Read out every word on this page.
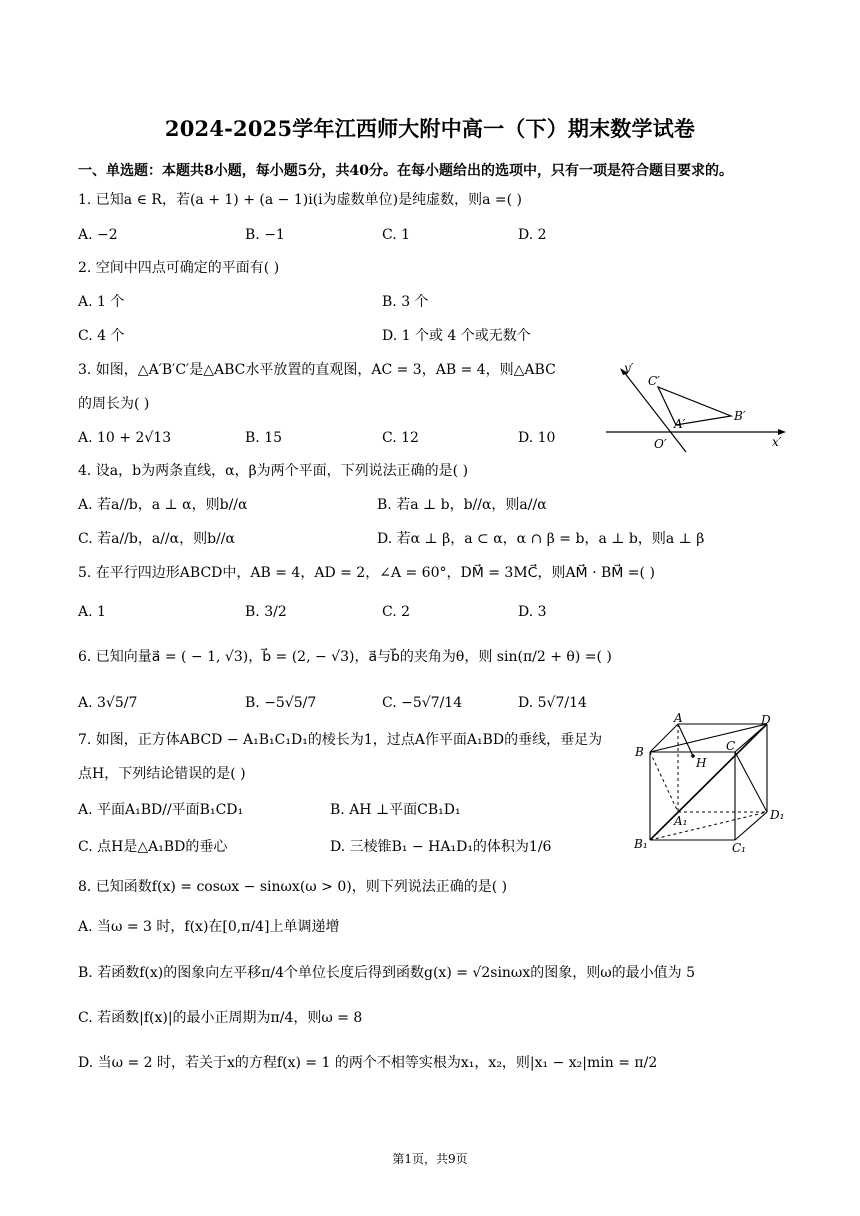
2024-2025学年江西师大附中高一（下）期末数学试卷
一、单选题：本题共8小题，每小题5分，共40分。在每小题给出的选项中，只有一项是符合题目要求的。
1. 已知a ∈ R，若(a + 1) + (a − 1)i(i为虚数单位)是纯虚数，则a =( )
A. −2	B. −1	C. 1	D. 2
2. 空间中四点可确定的平面有( )
A. 1 个	B. 3 个
C. 4 个	D. 1 个或 4 个或无数个
3. 如图，△A′B′C′是△ABC水平放置的直观图，AC = 3，AB = 4，则△ABC
的周长为( )
A. 10 + 2√13	B. 15	C. 12	D. 10
y′
C′
B′
A′
O′	x′
4. 设a，b为两条直线，α，β为两个平面，下列说法正确的是( )
A. 若a//b，a ⊥ α，则b//α	B. 若a ⊥ b，b//α，则a//α
C. 若a//b，a//α，则b//α	D. 若α ⊥ β，a ⊂ α，α ∩ β = b，a ⊥ b，则a ⊥ β
5. 在平行四边形ABCD中，AB = 4，AD = 2，∠A = 60°，DM⃗ = 3MC⃗，则AM⃗ · BM⃗ =( )
A. 1	B. 3/2	C. 2	D. 3
6. 已知向量a⃗ = ( − 1, √3)，b⃗ = (2, − √3)，a⃗与b⃗的夹角为θ，则 sin(π/2 + θ) =( )
A. 3√5/7	B. −5√5/7	C. −5√7/14	D. 5√7/14
7. 如图，正方体ABCD − A₁B₁C₁D₁的棱长为1，过点A作平面A₁BD的垂线，垂足为
点H，下列结论错误的是( )
A. 平面A₁BD//平面B₁CD₁	B. AH ⊥平面CB₁D₁
C. 点H是△A₁BD的垂心	D. 三棱锥B₁ − HA₁D₁的体积为1/6
A	D
B	C
H
A₁	D₁
B₁	C₁
8. 已知函数f(x) = cosωx − sinωx(ω > 0)，则下列说法正确的是( )
A. 当ω = 3 时，f(x)在[0,π/4]上单调递增
B. 若函数f(x)的图象向左平移π/4个单位长度后得到函数g(x) = √2sinωx的图象，则ω的最小值为 5
C. 若函数|f(x)|的最小正周期为π/4，则ω = 8
D. 当ω = 2 时，若关于x的方程f(x) = 1 的两个不相等实根为x₁，x₂，则|x₁ − x₂|min = π/2
第1页，共9页
